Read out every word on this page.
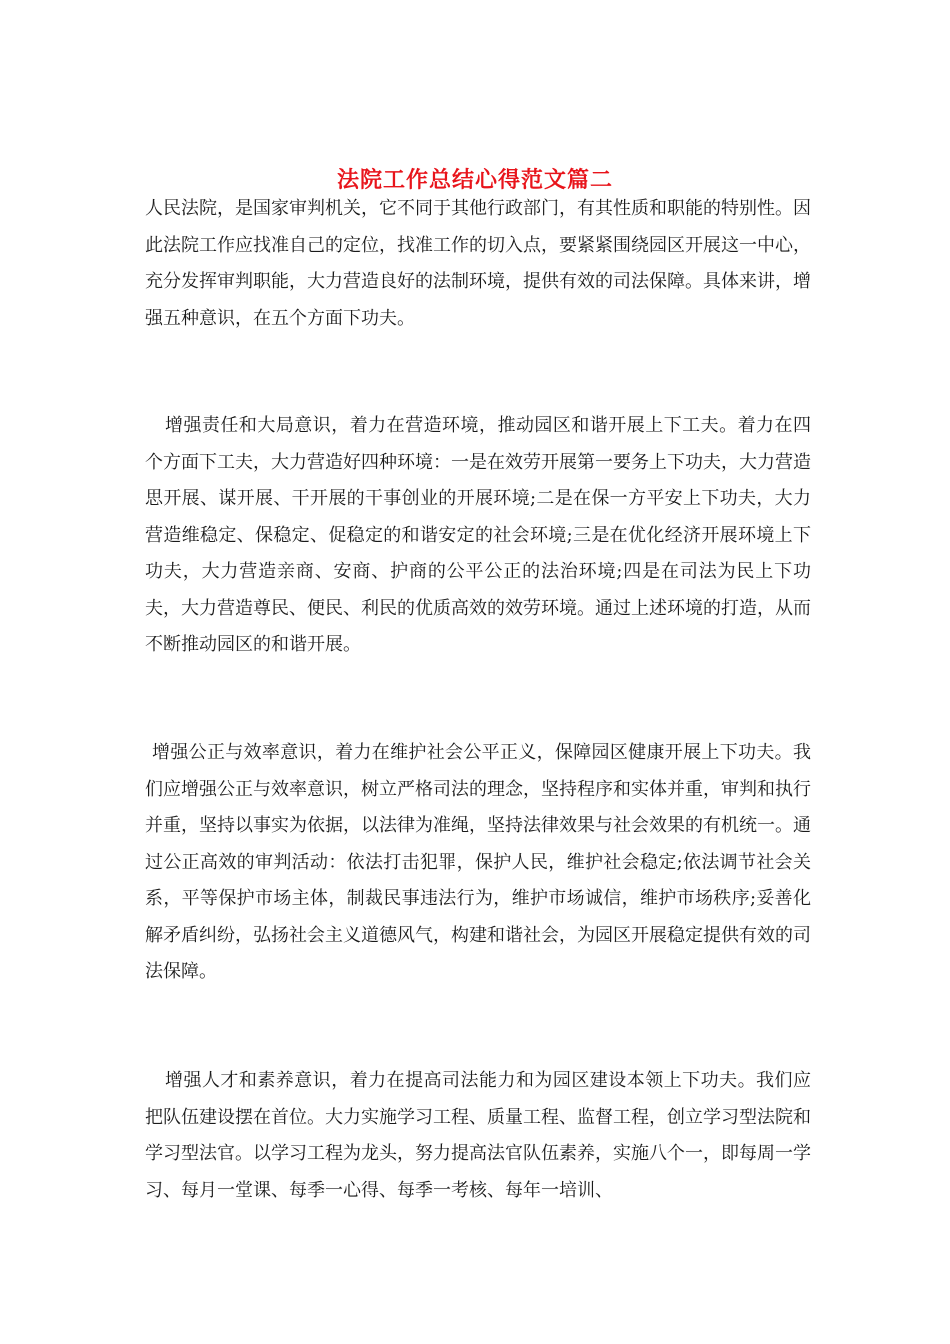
法院工作总结心得范文篇二

人民法院，是国家审判机关，它不同于其他行政部门，有其性质和职能的特别性。因此法院工作应找准自己的定位，找准工作的切入点，要紧紧围绕园区开展这一中心，充分发挥审判职能，大力营造良好的法制环境，提供有效的司法保障。具体来讲，增强五种意识，在五个方面下功夫。

增强责任和大局意识，着力在营造环境，推动园区和谐开展上下工夫。着力在四个方面下工夫，大力营造好四种环境：一是在效劳开展第一要务上下功夫，大力营造思开展、谋开展、干开展的干事创业的开展环境;二是在保一方平安上下功夫，大力营造维稳定、保稳定、促稳定的和谐安定的社会环境;三是在优化经济开展环境上下功夫，大力营造亲商、安商、护商的公平公正的法治环境;四是在司法为民上下功夫，大力营造尊民、便民、利民的优质高效的效劳环境。通过上述环境的打造，从而不断推动园区的和谐开展。

增强公正与效率意识，着力在维护社会公平正义，保障园区健康开展上下功夫。我们应增强公正与效率意识，树立严格司法的理念，坚持程序和实体并重，审判和执行并重，坚持以事实为依据，以法律为准绳，坚持法律效果与社会效果的有机统一。通过公正高效的审判活动：依法打击犯罪，保护人民，维护社会稳定;依法调节社会关系，平等保护市场主体，制裁民事违法行为，维护市场诚信，维护市场秩序;妥善化解矛盾纠纷，弘扬社会主义道德风气，构建和谐社会，为园区开展稳定提供有效的司法保障。

增强人才和素养意识，着力在提高司法能力和为园区建设本领上下功夫。我们应把队伍建设摆在首位。大力实施学习工程、质量工程、监督工程，创立学习型法院和学习型法官。以学习工程为龙头，努力提高法官队伍素养，实施八个一，即每周一学习、每月一堂课、每季一心得、每季一考核、每年一培训、
